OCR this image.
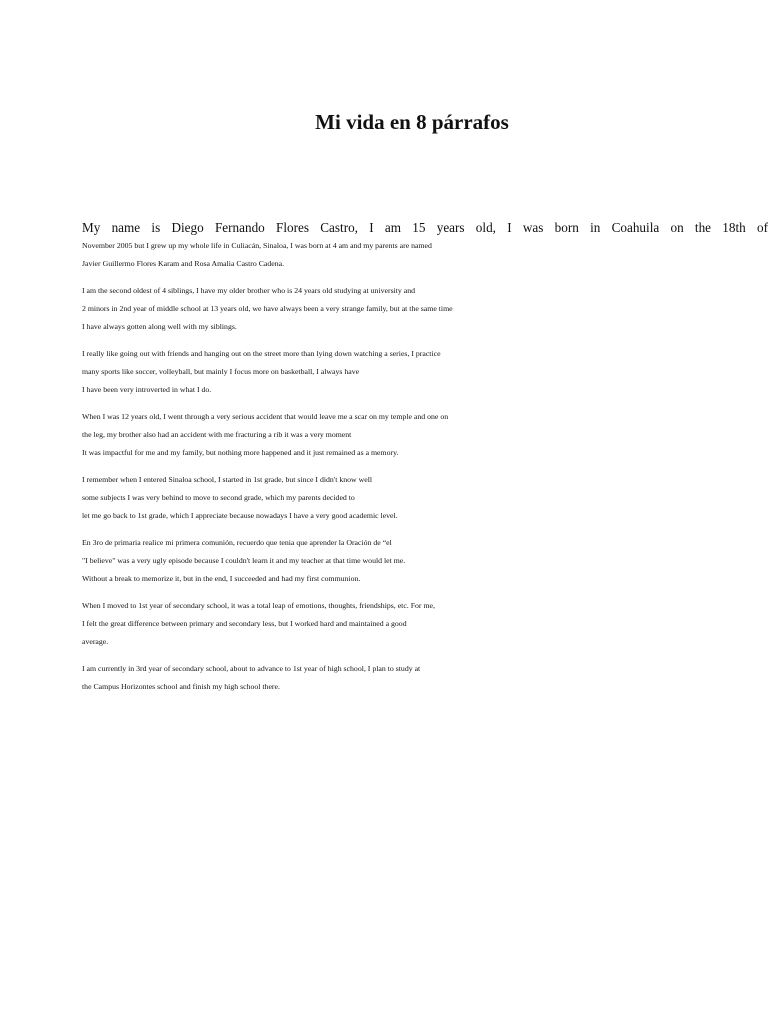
Mi vida en 8 párrafos

My name is Diego Fernando Flores Castro, I am 15 years old, I was born in Coahuila on the 18th of
November 2005 but I grew up my whole life in Culiacán, Sinaloa, I was born at 4 am and my parents are named
Javier Guillermo Flores Karam and Rosa Amalia Castro Cadena.

I am the second oldest of 4 siblings, I have my older brother who is 24 years old studying at university and
2 minors in 2nd year of middle school at 13 years old, we have always been a very strange family, but at the same time
I have always gotten along well with my siblings.

I really like going out with friends and hanging out on the street more than lying down watching a series, I practice
many sports like soccer, volleyball, but mainly I focus more on basketball, I always have
I have been very introverted in what I do.

When I was 12 years old, I went through a very serious accident that would leave me a scar on my temple and one on
the leg, my brother also had an accident with me fracturing a rib it was a very moment
It was impactful for me and my family, but nothing more happened and it just remained as a memory.

I remember when I entered Sinaloa school, I started in 1st grade, but since I didn't know well
some subjects I was very behind to move to second grade, which my parents decided to
let me go back to 1st grade, which I appreciate because nowadays I have a very good academic level.

En 3ro de primaria realice mi primera comunión, recuerdo que tenia que aprender la Oración de “el
"I believe" was a very ugly episode because I couldn't learn it and my teacher at that time would let me.
Without a break to memorize it, but in the end, I succeeded and had my first communion.

When I moved to 1st year of secondary school, it was a total leap of emotions, thoughts, friendships, etc. For me,
I felt the great difference between primary and secondary less, but I worked hard and maintained a good
average.

I am currently in 3rd year of secondary school, about to advance to 1st year of high school, I plan to study at
the Campus Horizontes school and finish my high school there.
